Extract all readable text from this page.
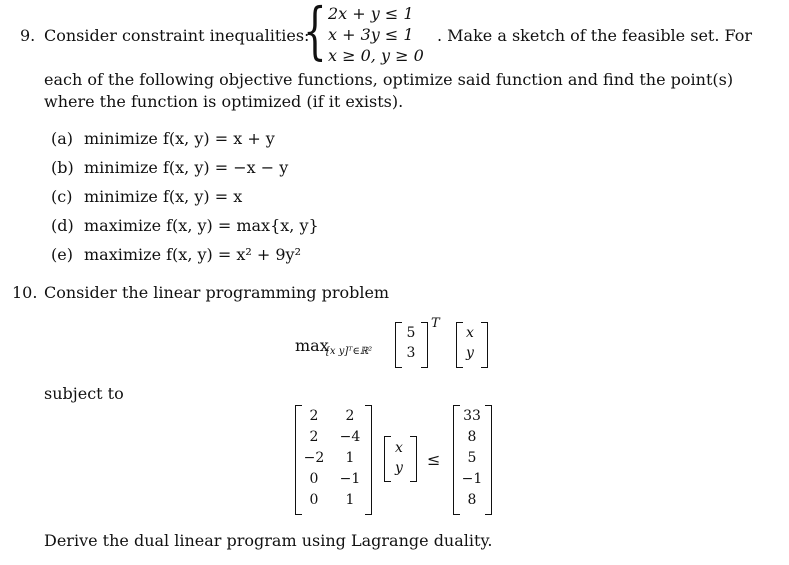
9. Consider constraint inequalities:
{ 2x + y ≤ 1
x + 3y ≤ 1
x ≥ 0, y ≥ 0
. Make a sketch of the feasible set. For
each of the following objective functions, optimize said function and find the point(s)
where the function is optimized (if it exists).
(a) minimize f(x, y) = x + y
(b) minimize f(x, y) = −x − y
(c) minimize f(x, y) = x
(d) maximize f(x, y) = max{x, y}
(e) maximize f(x, y) = x² + 9y²
10. Consider the linear programming problem
max
[x y]ᵀ∈ℝ²
5
3
T
x
y
subject to
2	2
2	−4
−2	1
0	−1
0	1
x
y	≤
33
8
5
−1
8
Derive the dual linear program using Lagrange duality.
